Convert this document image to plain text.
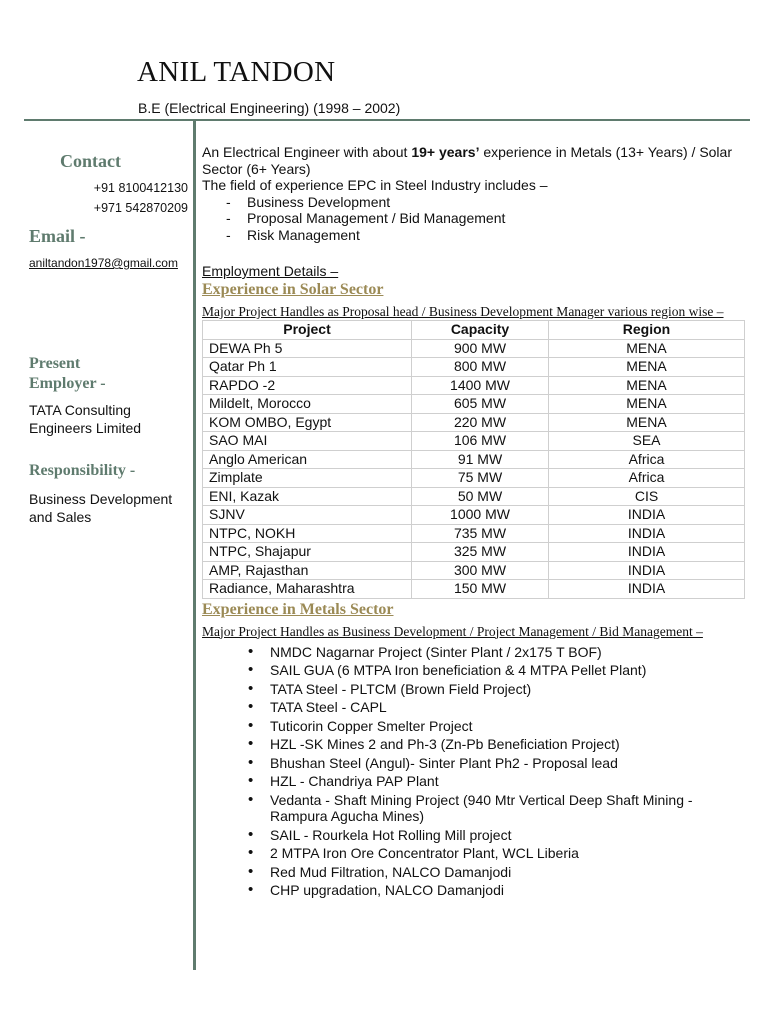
ANIL TANDON
B.E (Electrical Engineering) (1998 – 2002)
Contact
+91 8100412130
+971 542870209
Email -
aniltandon1978@gmail.com
Present
Employer -
TATA Consulting Engineers Limited
Responsibility -
Business Development and Sales

An Electrical Engineer with about 19+ years’ experience in Metals (13+ Years) / Solar Sector (6+ Years)
The field of experience EPC in Steel Industry includes –

- Business Development
- Proposal Management / Bid Management
- Risk Management
Employment Details –
Experience in Solar Sector
Major Project Handles as Proposal head / Business Development Manager various region wise –
Project	Capacity	Region
DEWA Ph 5	900 MW	MENA
Qatar Ph 1	800 MW	MENA
RAPDO -2	1400 MW	MENA
Mildelt, Morocco	605 MW	MENA
KOM OMBO, Egypt	220 MW	MENA
SAO MAI	106 MW	SEA
Anglo American	91 MW	Africa
Zimplate	75 MW	Africa
ENI, Kazak	50 MW	CIS
SJNV	1000 MW	INDIA
NTPC, NOKH	735 MW	INDIA
NTPC, Shajapur	325 MW	INDIA
AMP, Rajasthan	300 MW	INDIA
Radiance, Maharashtra	150 MW	INDIA
Experience in Metals Sector
Major Project Handles as Business Development / Project Management / Bid Management –
• NMDC Nagarnar Project (Sinter Plant / 2x175 T BOF)
• SAIL GUA (6 MTPA Iron beneficiation & 4 MTPA Pellet Plant)
• TATA Steel - PLTCM (Brown Field Project)
• TATA Steel - CAPL
• Tuticorin Copper Smelter Project
• HZL -SK Mines 2 and Ph-3 (Zn-Pb Beneficiation Project)
• Bhushan Steel (Angul)- Sinter Plant Ph2 - Proposal lead
• HZL - Chandriya PAP Plant
• Vedanta - Shaft Mining Project (940 Mtr Vertical Deep Shaft Mining - Rampura Agucha Mines)
• SAIL - Rourkela Hot Rolling Mill project
• 2 MTPA Iron Ore Concentrator Plant, WCL Liberia
• Red Mud Filtration, NALCO Damanjodi
• CHP upgradation, NALCO Damanjodi
